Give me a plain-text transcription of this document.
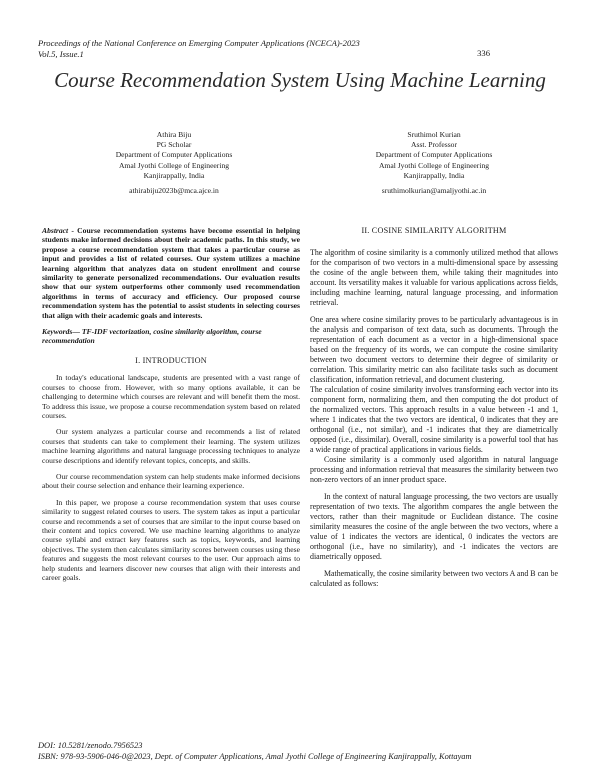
Proceedings of the National Conference on Emerging Computer Applications (NCECA)-2023
Vol.5, Issue.1	336
Course Recommendation System Using Machine Learning
Athira Biju
PG Scholar
Department of Computer Applications
Amal Jyothi College of Engineering
Kanjirappally, India
athirabiju2023b@mca.ajce.in
Sruthimol Kurian
Asst. Professor
Department of Computer Applications
Amal Jyothi College of Engineering
Kanjirappally, India
sruthimolkurian@amaljyothi.ac.in

Abstract - Course recommendation systems have become essential in helping students make informed decisions about their academic paths. In this study, we propose a course recommendation system that takes a particular course as input and provides a list of related courses. Our system utilizes a machine learning algorithm that analyzes data on student enrollment and course similarity to generate personalized recommendations. Our evaluation results show that our system outperforms other commonly used recommendation algorithms in terms of accuracy and efficiency. Our proposed course recommendation system has the potential to assist students in selecting courses that align with their academic goals and interests.

Keywords— TF-IDF vectorization, cosine similarity algorithm, course recommendation

I. INTRODUCTION

In today's educational landscape, students are presented with a vast range of courses to choose from. However, with so many options available, it can be challenging to determine which courses are relevant and will benefit them the most. To address this issue, we propose a course recommendation system based on related courses.

Our system analyzes a particular course and recommends a list of related courses that students can take to complement their learning. The system utilizes machine learning algorithms and natural language processing techniques to analyze course descriptions and identify relevant topics, concepts, and skills.

Our course recommendation system can help students make informed decisions about their course selection and enhance their learning experience.

In this paper, we propose a course recommendation system that uses course similarity to suggest related courses to users. The system takes as input a particular course and recommends a set of courses that are similar to the input course based on their content and topics covered. We use machine learning algorithms to analyze course syllabi and extract key features such as topics, keywords, and learning objectives. The system then calculates similarity scores between courses using these features and suggests the most relevant courses to the user. Our approach aims to help students and learners discover new courses that align with their interests and career goals.

II. COSINE SIMILARITY ALGORITHM

The algorithm of cosine similarity is a commonly utilized method that allows for the comparison of two vectors in a multi-dimensional space by assessing the cosine of the angle between them, while taking their magnitudes into account. Its versatility makes it valuable for various applications across fields, including machine learning, natural language processing, and information retrieval.

One area where cosine similarity proves to be particularly advantageous is in the analysis and comparison of text data, such as documents. Through the representation of each document as a vector in a high-dimensional space based on the frequency of its words, we can compute the cosine similarity between two document vectors to determine their degree of similarity or correlation. This similarity metric can also facilitate tasks such as document classification, information retrieval, and document clustering.

The calculation of cosine similarity involves transforming each vector into its component form, normalizing them, and then computing the dot product of the normalized vectors. This approach results in a value between -1 and 1, where 1 indicates that the two vectors are identical, 0 indicates that they are orthogonal (i.e., not similar), and -1 indicates that they are diametrically opposed (i.e., dissimilar). Overall, cosine similarity is a powerful tool that has a wide range of practical applications in various fields.

Cosine similarity is a commonly used algorithm in natural language processing and information retrieval that measures the similarity between two non-zero vectors of an inner product space.

In the context of natural language processing, the two vectors are usually representation of two texts. The algorithm compares the angle between the vectors, rather than their magnitude or Euclidean distance. The cosine similarity measures the cosine of the angle between the two vectors, where a value of 1 indicates the vectors are identical, 0 indicates the vectors are orthogonal (i.e., have no similarity), and -1 indicates the vectors are diametrically opposed.

Mathematically, the cosine similarity between two vectors A and B can be calculated as follows:

DOI: 10.5281/zenodo.7956523
ISBN: 978-93-5906-046-0@2023, Dept. of Computer Applications, Amal Jyothi College of Engineering Kanjirappally, Kottayam
